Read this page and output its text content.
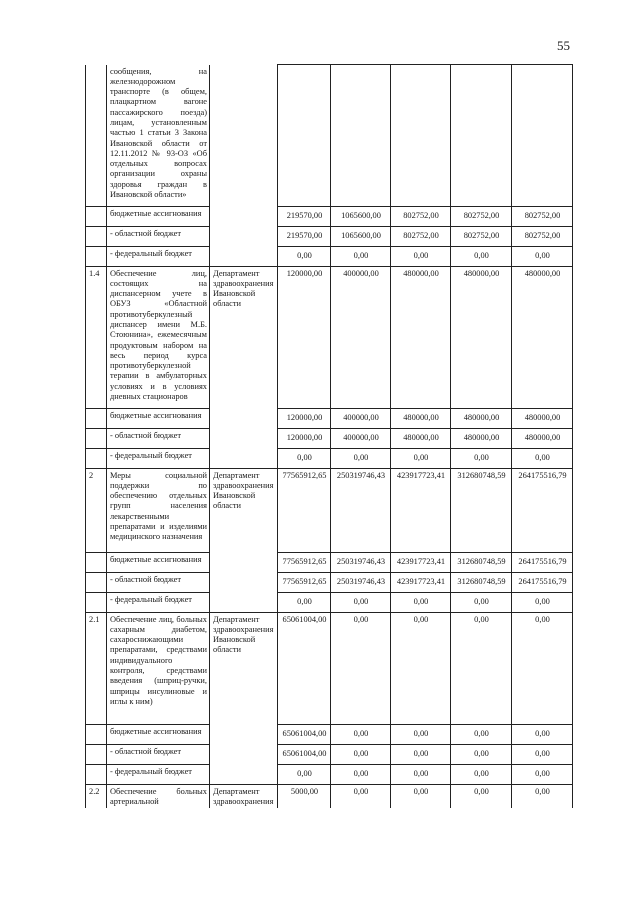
55
	сообщения, на железнодорожном транспорте (в общем, плацкартном вагоне пассажирского поезда) лицам, установленным частью 1 статьи 3 Закона Ивановской области от 12.11.2012 № 93-ОЗ «Об отдельных вопросах организации охраны здоровья граждан в Ивановской области»						
	бюджетные ассигнования		219570,00	1065600,00	802752,00	802752,00	802752,00
	- областной бюджет		219570,00	1065600,00	802752,00	802752,00	802752,00
	- федеральный бюджет		0,00	0,00	0,00	0,00	0,00
1.4	Обеспечение лиц, состоящих на диспансерном учете в ОБУЗ «Областной противотуберкулезный диспансер имени М.Б. Стоюнина», ежемесячным продуктовым набором на весь период курса противотуберкулезной терапии в амбулаторных условиях и в условиях дневных стационаров	Департамент здравоохранения Ивановской области	120000,00	400000,00	480000,00	480000,00	480000,00
	бюджетные ассигнования		120000,00	400000,00	480000,00	480000,00	480000,00
	- областной бюджет		120000,00	400000,00	480000,00	480000,00	480000,00
	- федеральный бюджет		0,00	0,00	0,00	0,00	0,00
2	Меры социальной поддержки по обеспечению отдельных групп населения лекарственными препаратами и изделиями медицинского назначения	Департамент здравоохранения Ивановской области	77565912,65	250319746,43	423917723,41	312680748,59	264175516,79
	бюджетные ассигнования		77565912,65	250319746,43	423917723,41	312680748,59	264175516,79
	- областной бюджет		77565912,65	250319746,43	423917723,41	312680748,59	264175516,79
	- федеральный бюджет		0,00	0,00	0,00	0,00	0,00
2.1	Обеспечение лиц, больных сахарным диабетом, сахароснижающими препаратами, средствами индивидуального контроля, средствами введения (шприц-ручки, шприцы инсулиновые и иглы к ним)	Департамент здравоохранения Ивановской области	65061004,00	0,00	0,00	0,00	0,00
	бюджетные ассигнования		65061004,00	0,00	0,00	0,00	0,00
	- областной бюджет		65061004,00	0,00	0,00	0,00	0,00
	- федеральный бюджет		0,00	0,00	0,00	0,00	0,00
2.2	Обеспечение больных артериальной	Департамент здравоохранения	5000,00	0,00	0,00	0,00	0,00
